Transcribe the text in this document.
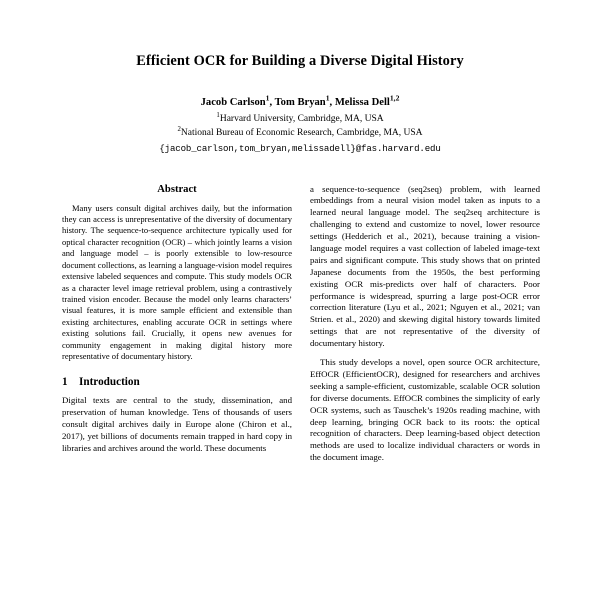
Efficient OCR for Building a Diverse Digital History
Jacob Carlson$^1$, Tom Bryan$^1$, Melissa Dell$^{1,2}$
$^1$Harvard University, Cambridge, MA, USA
$^2$National Bureau of Economic Research, Cambridge, MA, USA
{jacob_carlson,tom_bryan,melissadell}@fas.harvard.edu
Abstract

Many users consult digital archives daily, but the information they can access is unrepresentative of the diversity of documentary history. The sequence-to-sequence architecture typically used for optical character recognition (OCR) – which jointly learns a vision and language model – is poorly extensible to low-resource document collections, as learning a language-vision model requires extensive labeled sequences and compute. This study models OCR as a character level image retrieval problem, using a contrastively trained vision encoder. Because the model only learns characters’ visual features, it is more sample efficient and extensible than existing architectures, enabling accurate OCR in settings where existing solutions fail. Crucially, it opens new avenues for community engagement in making digital history more representative of documentary history.

1 Introduction

Digital texts are central to the study, dissemination, and preservation of human knowledge. Tens of thousands of users consult digital archives daily in Europe alone (Chiron et al., 2017), yet billions of documents remain trapped in hard copy in libraries and archives around the world. These documents

a sequence-to-sequence (seq2seq) problem, with learned embeddings from a neural vision model taken as inputs to a learned neural language model. The seq2seq architecture is challenging to extend and customize to novel, lower resource settings (Hedderich et al., 2021), because training a vision-language model requires a vast collection of labeled image-text pairs and significant compute. This study shows that on printed Japanese documents from the 1950s, the best performing existing OCR mis-predicts over half of characters. Poor performance is widespread, spurring a large post-OCR error correction literature (Lyu et al., 2021; Nguyen et al., 2021; van Strien. et al., 2020) and skewing digital history towards limited settings that are not representative of the diversity of documentary history.

This study develops a novel, open source OCR architecture, EffOCR (EfficientOCR), designed for researchers and archives seeking a sample-efficient, customizable, scalable OCR solution for diverse documents. EffOCR combines the simplicity of early OCR systems, such as Tauschek’s 1920s reading machine, with deep learning, bringing OCR back to its roots: the optical recognition of characters. Deep learning-based object detection methods are used to localize individual characters or words in the document image.
